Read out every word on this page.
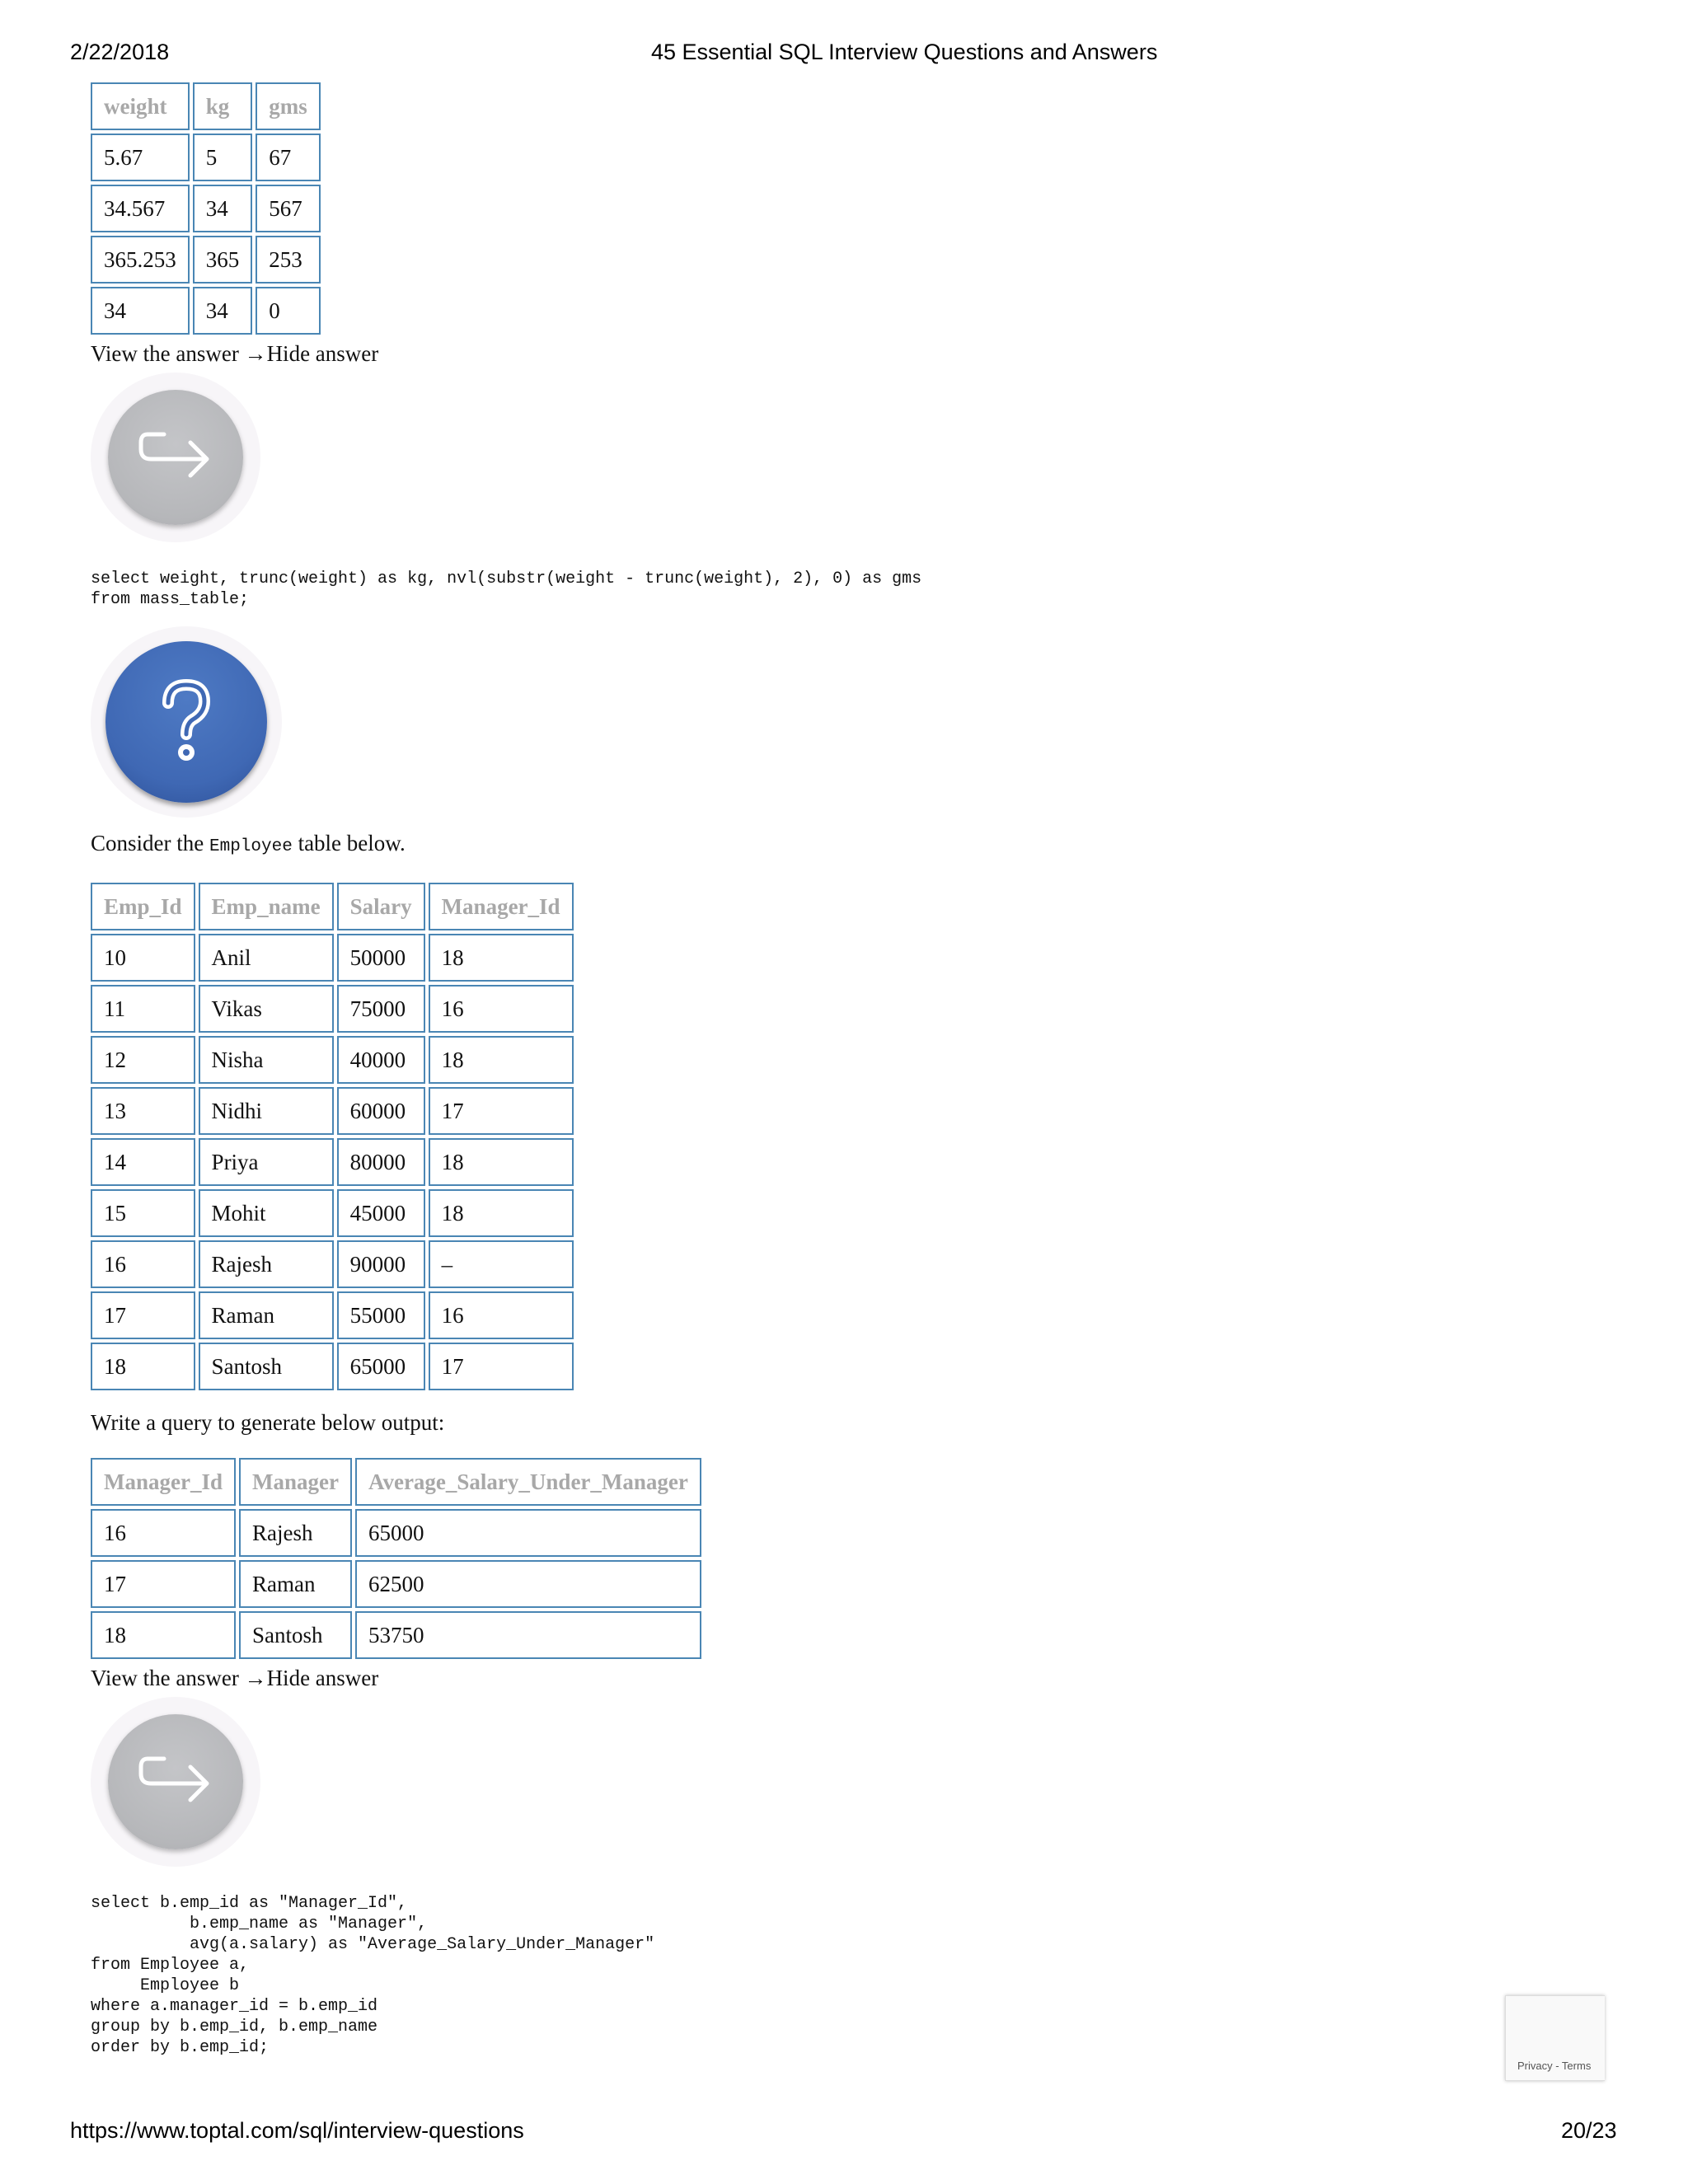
2/22/2018	45 Essential SQL Interview Questions and Answers
weight	kg	gms
5.67	5	67
34.567	34	567
365.253	365	253
34	34	0
View the answer →Hide answer
select weight, trunc(weight) as kg, nvl(substr(weight - trunc(weight), 2), 0) as gms
from mass_table;
Consider the Employee table below.
Emp_Id	Emp_name	Salary	Manager_Id
10	Anil	50000	18
11	Vikas	75000	16
12	Nisha	40000	18
13	Nidhi	60000	17
14	Priya	80000	18
15	Mohit	45000	18
16	Rajesh	90000	–
17	Raman	55000	16
18	Santosh	65000	17
Write a query to generate below output:
Manager_Id	Manager	Average_Salary_Under_Manager
16	Rajesh	65000
17	Raman	62500
18	Santosh	53750
View the answer →Hide answer
select b.emp_id as "Manager_Id",
b.emp_name as "Manager",
avg(a.salary) as "Average_Salary_Under_Manager"
from Employee a,
Employee b
where a.manager_id = b.emp_id
group by b.emp_id, b.emp_name
order by b.emp_id;
Privacy - Terms
https://www.toptal.com/sql/interview-questions	20/23
